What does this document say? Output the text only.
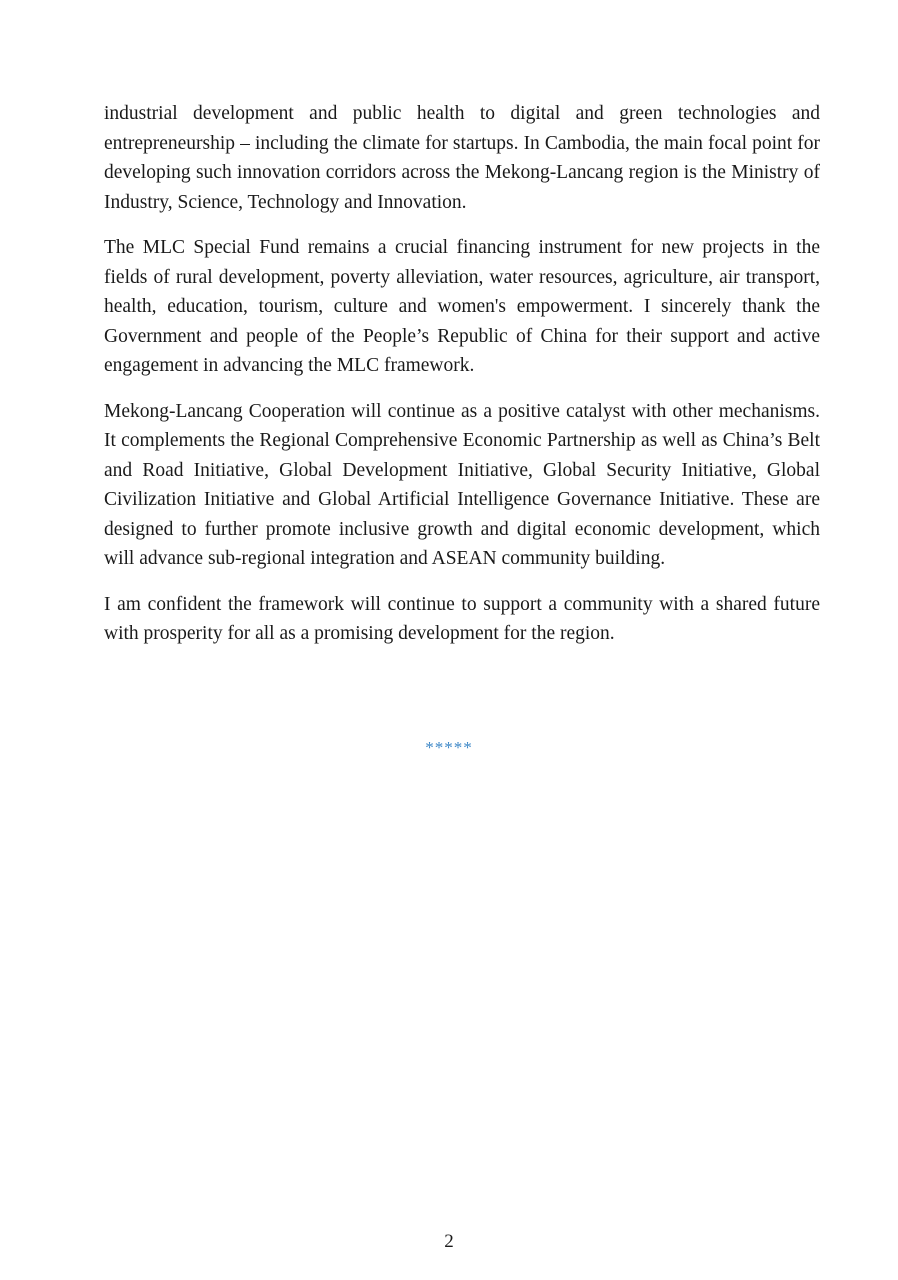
industrial development and public health to digital and green technologies and entrepreneurship – including the climate for startups. In Cambodia, the main focal point for developing such innovation corridors across the Mekong-Lancang region is the Ministry of Industry, Science, Technology and Innovation.

The MLC Special Fund remains a crucial financing instrument for new projects in the fields of rural development, poverty alleviation, water resources, agriculture, air transport, health, education, tourism, culture and women's empowerment. I sincerely thank the Government and people of the People’s Republic of China for their support and active engagement in advancing the MLC framework.

Mekong-Lancang Cooperation will continue as a positive catalyst with other mechanisms. It complements the Regional Comprehensive Economic Partnership as well as China’s Belt and Road Initiative, Global Development Initiative, Global Security Initiative, Global Civilization Initiative and Global Artificial Intelligence Governance Initiative. These are designed to further promote inclusive growth and digital economic development, which will advance sub-regional integration and ASEAN community building.

I am confident the framework will continue to support a community with a shared future with prosperity for all as a promising development for the region.

*****
2
